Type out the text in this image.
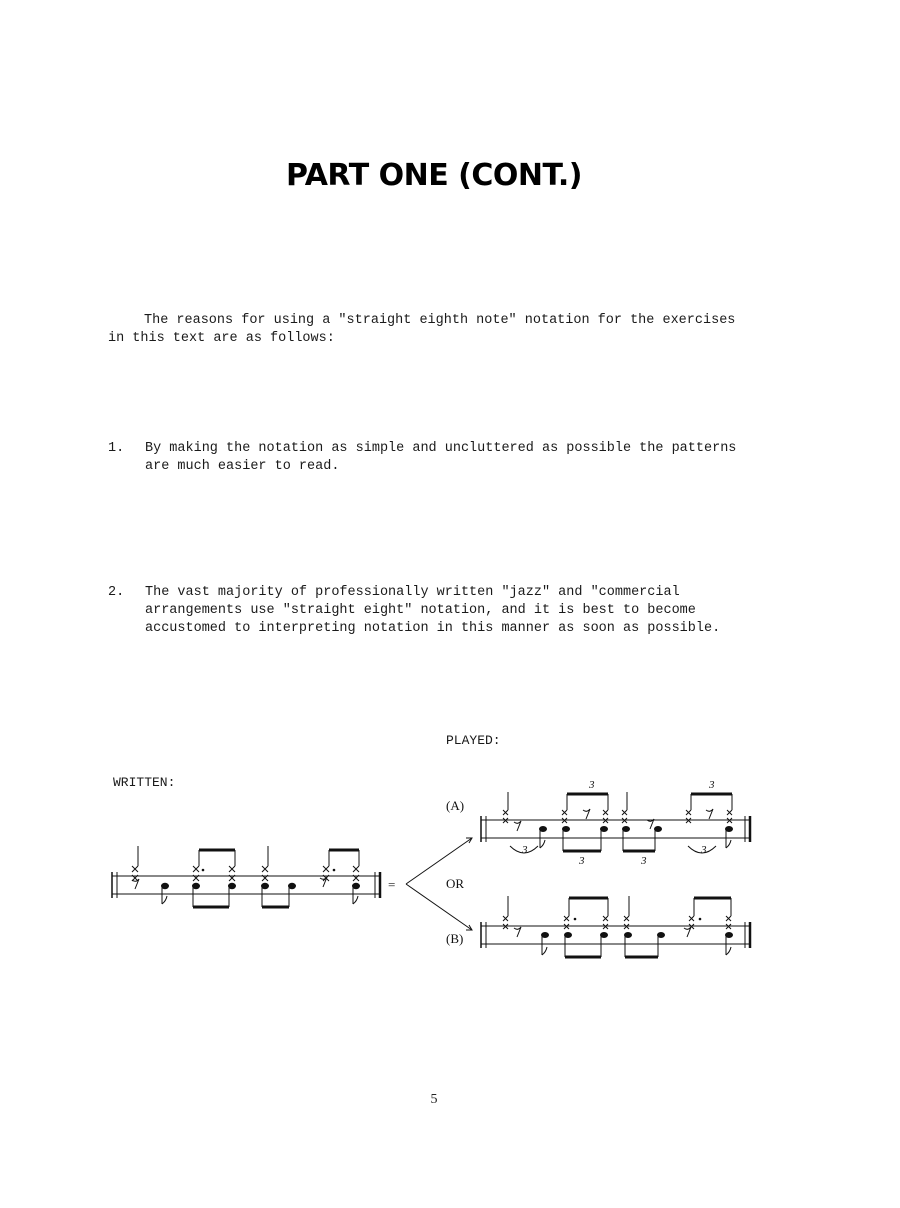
PART ONE (CONT.)
The reasons for using a "straight eighth note" notation for the exercises in this text are as follows:
1. By making the notation as simple and uncluttered as possible the patterns are much easier to read.
2. The vast majority of professionally written "jazz" and "commercial arrangements use "straight eight" notation, and it is best to become accustomed to interpreting notation in this manner as soon as possible.
PLAYED:
WRITTEN:	3	3
3	3
3	3
=
(A)
OR
(B)
5
